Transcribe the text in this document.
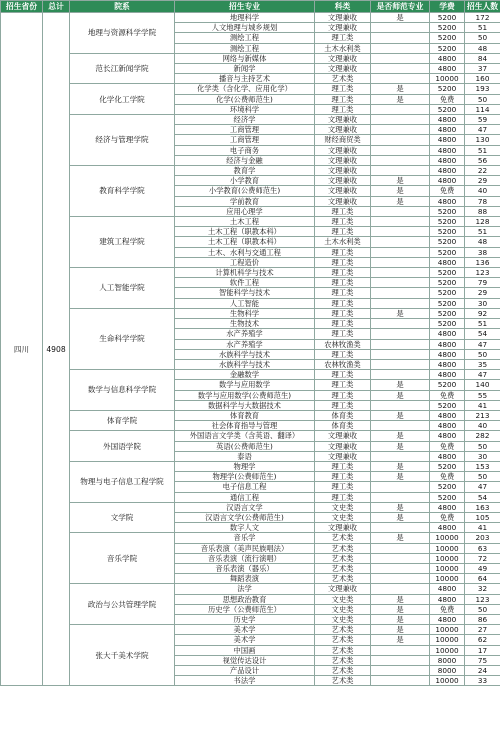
招生省份	总计	院系	招生专业	科类	是否师范专业	学费	招生人数
四川	4908	地理与资源科学学院	地理科学	文理兼收	是	5200	172
			人文地理与城乡规划	文理兼收		5200	51
			测绘工程	理工类		5200	50
			测绘工程	土木水利类		5200	48
		范长江新闻学院	网络与新媒体	文理兼收		4800	84
			新闻学	文理兼收		4800	37
			播音与主持艺术	艺术类		10000	160
		化学化工学院	化学类（含化学、应用化学）	理工类	是	5200	193
			化学(公费师范生)	理工类	是	免费	50
			环境科学	理工类		5200	114
		经济与管理学院	经济学	文理兼收		4800	59
			工商管理	文理兼收		4800	47
			工商管理	财经商贸类		4800	130
			电子商务	文理兼收		4800	51
			经济与金融	文理兼收		4800	56
		教育科学学院	教育学	文理兼收		4800	22
			小学教育	文理兼收	是	4800	29
			小学教育(公费师范生)	文理兼收	是	免费	40
			学前教育	文理兼收	是	4800	78
			应用心理学	理工类		5200	88
		建筑工程学院	土木工程	理工类		5200	128
			土木工程（职教本科）	理工类		5200	51
			土木工程（职教本科）	土木水利类		5200	48
			土木、水利与交通工程	理工类		5200	38
			工程造价	理工类		4800	136
		人工智能学院	计算机科学与技术	理工类		5200	123
			软件工程	理工类		5200	79
			智能科学与技术	理工类		5200	29
			人工智能	理工类		5200	30
		生命科学学院	生物科学	理工类	是	5200	92
			生物技术	理工类		5200	51
			水产养殖学	理工类		4800	54
			水产养殖学	农林牧渔类		4800	47
			水族科学与技术	理工类		4800	50
			水族科学与技术	农林牧渔类		4800	35
		数学与信息科学学院	金融数学	理工类		4800	47
			数学与应用数学	理工类	是	5200	140
			数学与应用数学(公费师范生)	理工类	是	免费	55
			数据科学与大数据技术	理工类		5200	41
		体育学院	体育教育	体育类	是	4800	213
			社会体育指导与管理	体育类		4800	40
		外国语学院	外国语言文学类（含英语、翻译）	文理兼收	是	4800	282
			英语(公费师范生)	文理兼收	是	免费	50
			泰语	文理兼收		4800	30
		物理与电子信息工程学院	物理学	理工类	是	5200	153
			物理学(公费师范生)	理工类	是	免费	50
			电子信息工程	理工类		5200	47
			通信工程	理工类		5200	54
		文学院	汉语言文学	文史类	是	4800	163
			汉语言文学(公费师范生)	文史类	是	免费	105
			数字人文	文理兼收		4800	41
		音乐学院	音乐学	艺术类	是	10000	203
			音乐表演（美声民族唱法）	艺术类		10000	63
			音乐表演（流行演唱）	艺术类		10000	72
			音乐表演（器乐）	艺术类		10000	49
			舞蹈表演	艺术类		10000	64
		政治与公共管理学院	法学	文理兼收		4800	32
			思想政治教育	文史类	是	4800	123
			历史学（公费师范生）	文史类	是	免费	50
			历史学	文史类	是	4800	86
		张大千美术学院	美术学	艺术类	是	10000	27
			美术学	艺术类	是	10000	62
			中国画	艺术类		10000	17
			视觉传达设计	艺术类		8000	75
			产品设计	艺术类		8000	24
			书法学	艺术类		10000	33
